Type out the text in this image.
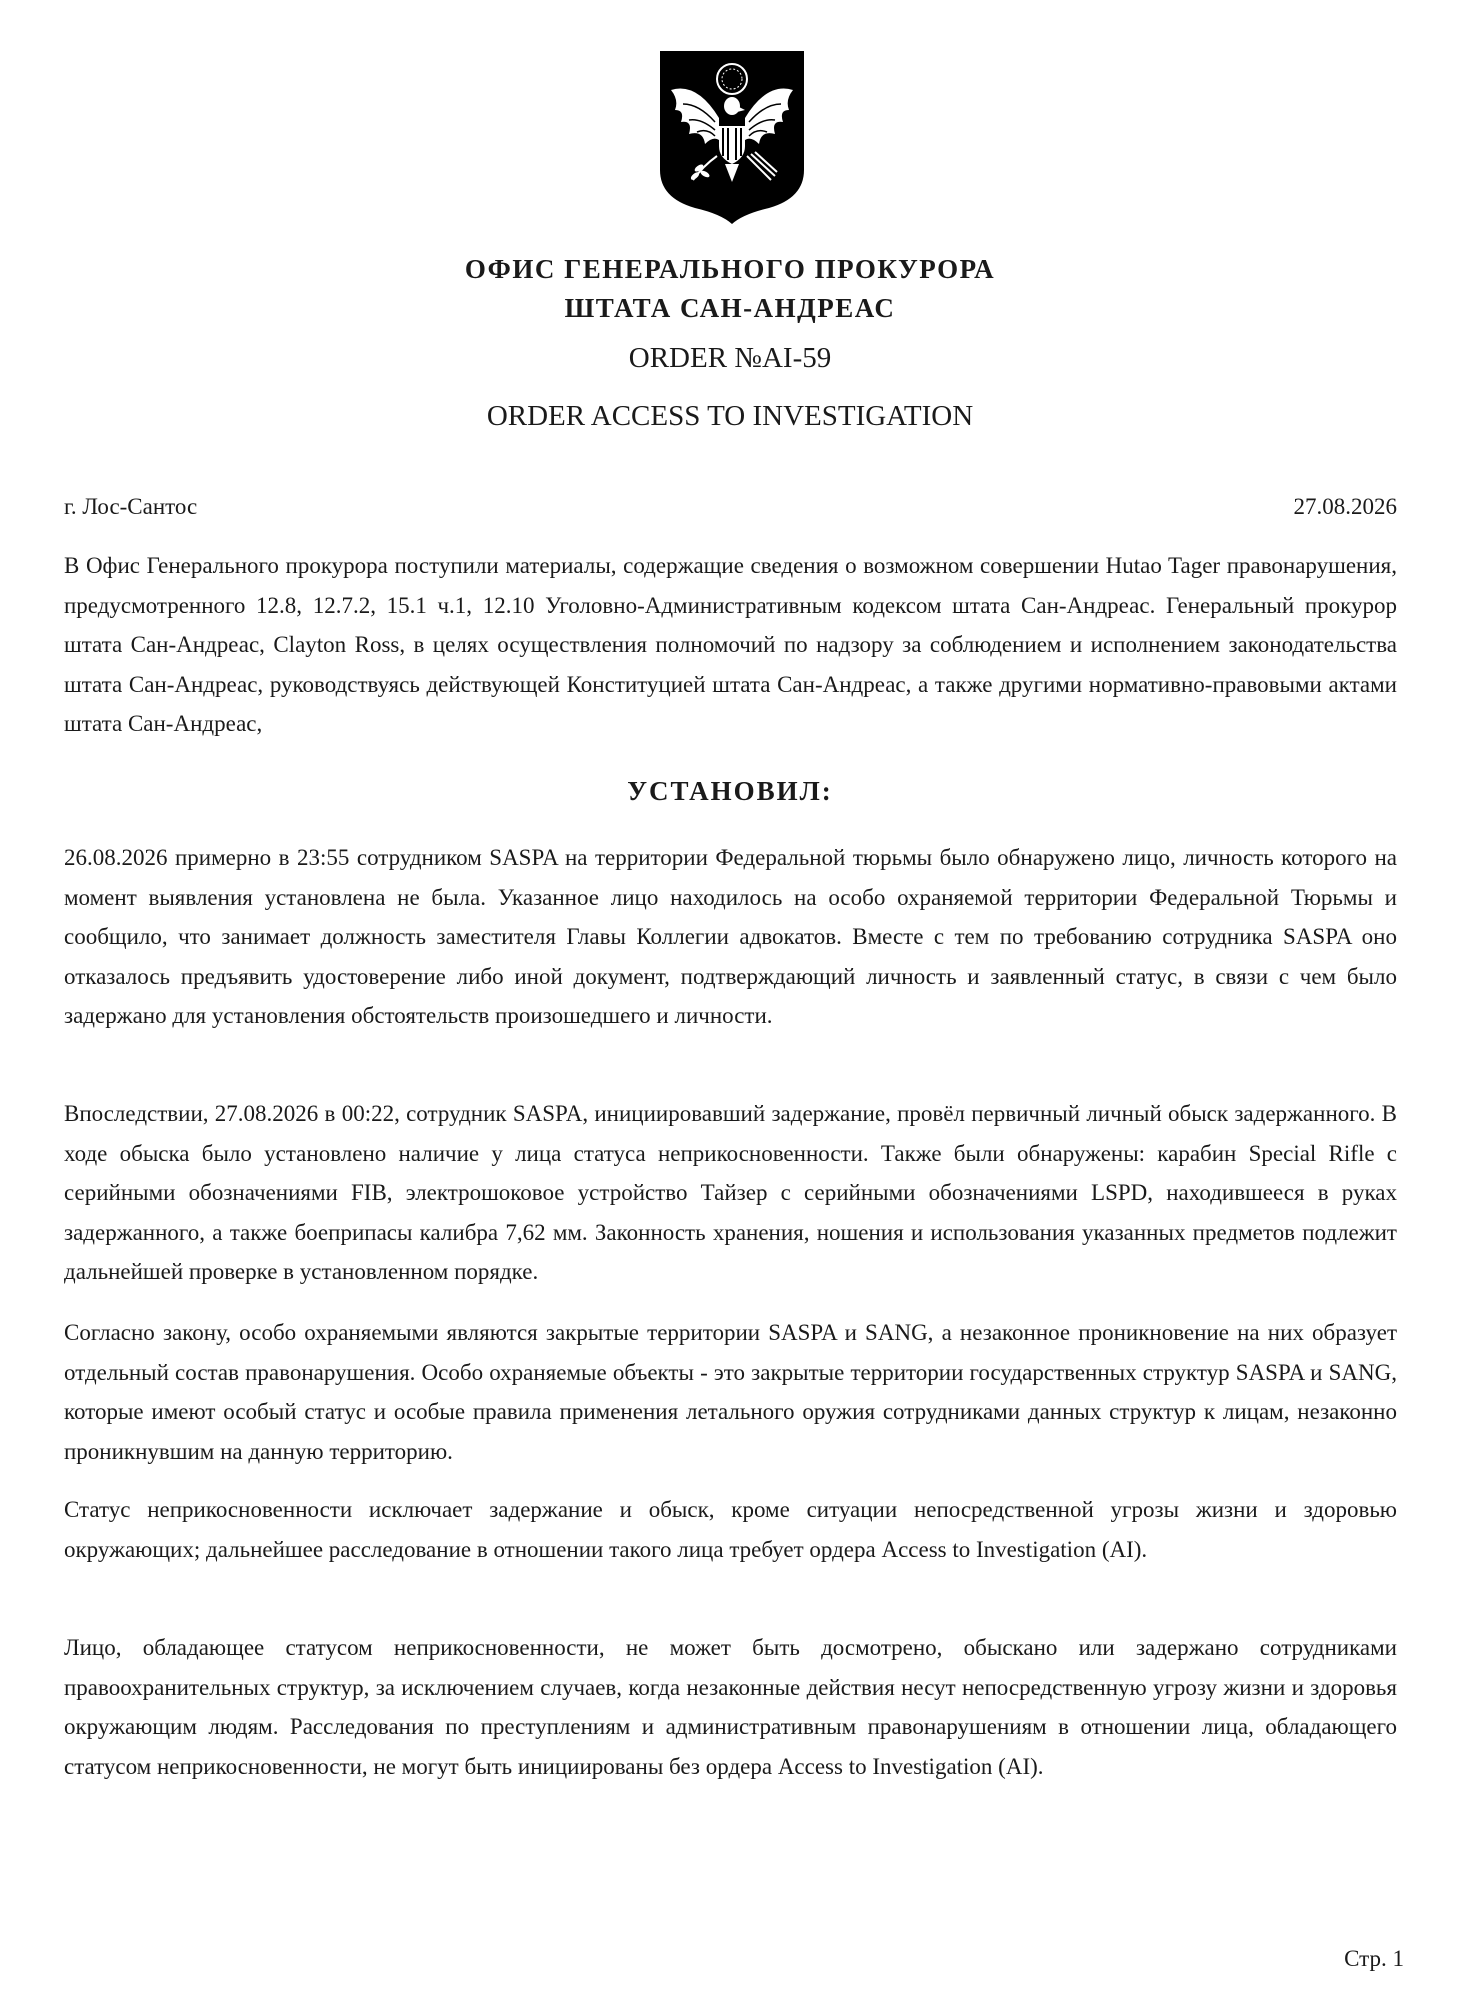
ОФИС ГЕНЕРАЛЬНОГО ПРОКУРОРА
ШТАТА САН-АНДРЕАС
ORDER №AI-59
ORDER ACCESS TO INVESTIGATION
г. Лос-Сантос	27.08.2026

В Офис Генерального прокурора поступили материалы, содержащие сведения о возможном совершении Hutao Tager правонарушения, предусмотренного 12.8, 12.7.2, 15.1 ч.1, 12.10 Уголовно-Административным кодексом штата Сан-Андреас. Генеральный прокурор штата Сан-Андреас, Clayton Ross, в целях осуществления полномочий по надзору за соблюдением и исполнением законодательства штата Сан-Андреас, руководствуясь действующей Конституцией штата Сан-Андреас, а также другими нормативно-правовыми актами штата Сан-Андреас,

УСТАНОВИЛ:

26.08.2026 примерно в 23:55 сотрудником SASPA на территории Федеральной тюрьмы было обнаружено лицо, личность которого на момент выявления установлена не была. Указанное лицо находилось на особо охраняемой территории Федеральной Тюрьмы и сообщило, что занимает должность заместителя Главы Коллегии адвокатов. Вместе с тем по требованию сотрудника SASPA оно отказалось предъявить удостоверение либо иной документ, подтверждающий личность и заявленный статус, в связи с чем было задержано для установления обстоятельств произошедшего и личности.

Впоследствии, 27.08.2026 в 00:22, сотрудник SASPA, инициировавший задержание, провёл первичный личный обыск задержанного. В ходе обыска было установлено наличие у лица статуса неприкосновенности. Также были обнаружены: карабин Special Rifle с серийными обозначениями FIB, электрошоковое устройство Тайзер с серийными обозначениями LSPD, находившееся в руках задержанного, а также боеприпасы калибра 7,62 мм. Законность хранения, ношения и использования указанных предметов подлежит дальнейшей проверке в установленном порядке.

Согласно закону, особо охраняемыми являются закрытые территории SASPA и SANG, а незаконное проникновение на них образует отдельный состав правонарушения. Особо охраняемые объекты - это закрытые территории государственных структур SASPA и SANG, которые имеют особый статус и особые правила применения летального оружия сотрудниками данных структур к лицам, незаконно проникнувшим на данную территорию.

Статус неприкосновенности исключает задержание и обыск, кроме ситуации непосредственной угрозы жизни и здоровью окружающих; дальнейшее расследование в отношении такого лица требует ордера Access to Investigation (AI).

Лицо, обладающее статусом неприкосновенности, не может быть досмотрено, обыскано или задержано сотрудниками правоохранительных структур, за исключением случаев, когда незаконные действия несут непосредственную угрозу жизни и здоровья окружающим людям. Расследования по преступлениям и административным правонарушениям в отношении лица, обладающего статусом неприкосновенности, не могут быть инициированы без ордера Access to Investigation (AI).

Стр. 1
